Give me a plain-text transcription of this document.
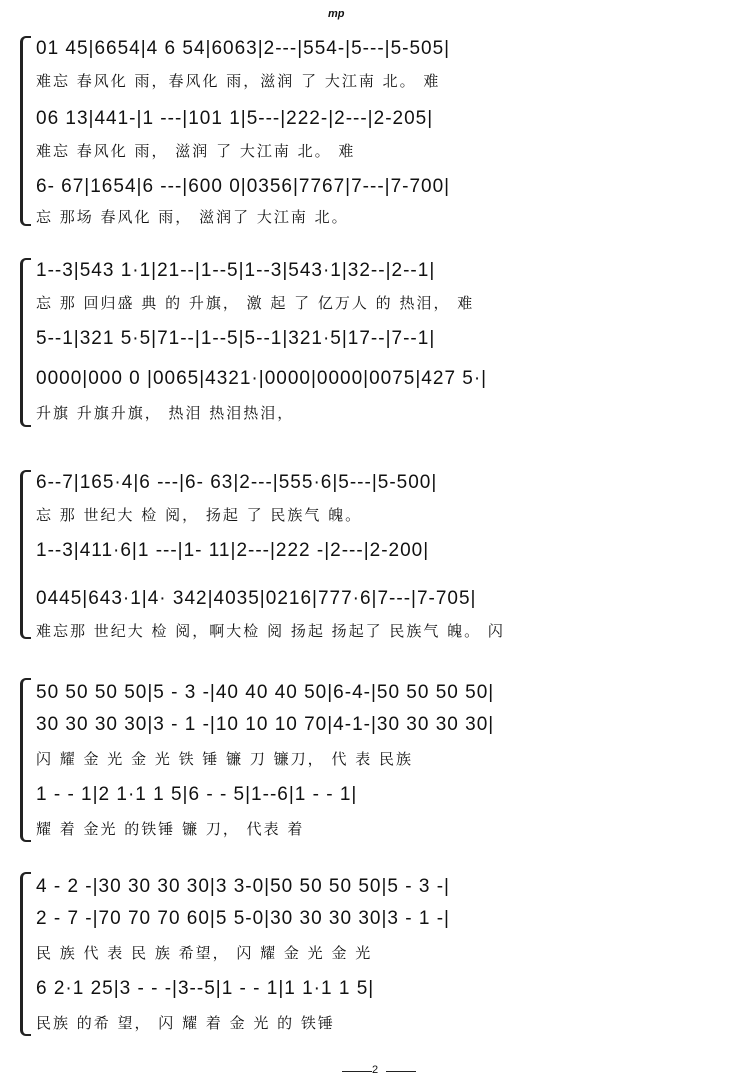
mp
01 45|6654|4 6 54|6063|2---|554-|5---|5-505|
难忘 春风化 雨，春风化 雨，滋润 了 大江南 北。 难
06 13|441-|1 ---|101 1|5---|222-|2---|2-205|
难忘 春风化 雨， 滋润 了 大江南 北。 难
6- 67|1654|6 ---|600 0|0356|7767|7---|7-700|
忘 那场 春风化 雨， 滋润了 大江南 北。
1--3|543 1·1|21--|1--5|1--3|543·1|32--|2--1|
忘 那 回归盛 典 的 升旗， 激 起 了 亿万人 的 热泪， 难
5--1|321 5·5|71--|1--5|5--1|321·5|17--|7--1|
0000|000 0 |0065|4321·|0000|0000|0075|427 5·|
升旗 升旗升旗， 热泪 热泪热泪，
6--7|165·4|6 ---|6- 63|2---|555·6|5---|5-500|
忘 那 世纪大 检 阅， 扬起 了 民族气 魄。
1--3|411·6|1 ---|1- 11|2---|222 -|2---|2-200|
0445|643·1|4· 342|4035|0216|777·6|7---|7-705|
难忘那 世纪大 检 阅，啊大检 阅 扬起 扬起了 民族气 魄。 闪
50 50 50 50|5 - 3 -|40 40 40 50|6-4-|50 50 50 50|
30 30 30 30|3 - 1 -|10 10 10 70|4-1-|30 30 30 30|
闪 耀 金 光 金 光 铁 锤 镰 刀 镰刀， 代 表 民族
1 - - 1|2 1·1 1 5|6 - - 5|1--6|1 - - 1|
耀 着 金光 的铁锤 镰 刀， 代表 着
4 - 2 -|30 30 30 30|3 3-0|50 50 50 50|5 - 3 -|
2 - 7 -|70 70 70 60|5 5-0|30 30 30 30|3 - 1 -|
民 族 代 表 民 族 希望， 闪 耀 金 光 金 光
6 2·1 25|3 - - -|3--5|1 - - 1|1 1·1 1 5|
民族 的希 望， 闪 耀 着 金 光 的 铁锤
2
